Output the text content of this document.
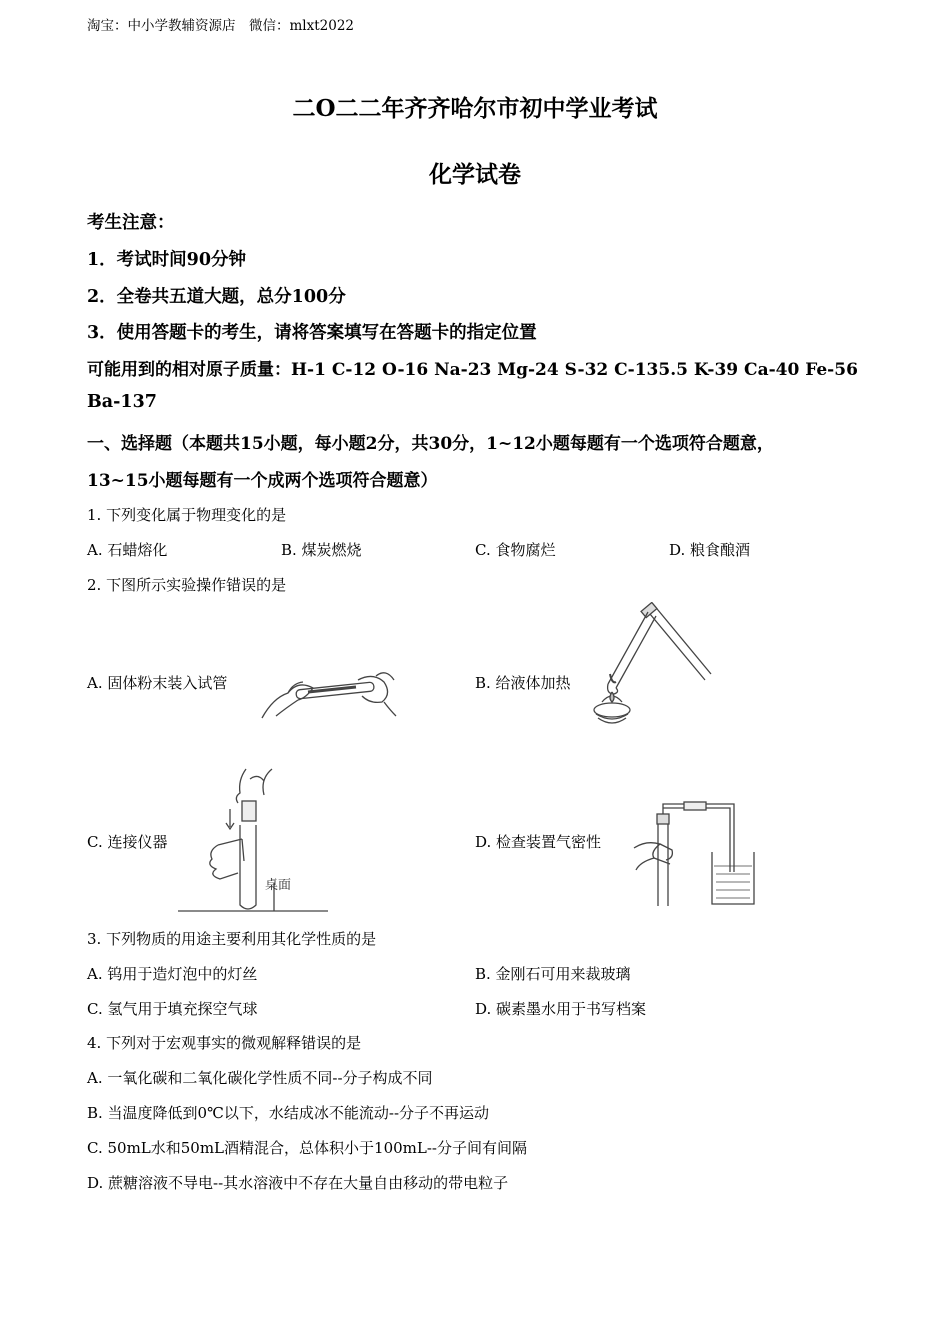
淘宝：中小学教辅资源店　微信：mlxt2022
二O二二年齐齐哈尔市初中学业考试
化学试卷
考生注意：
1．考试时间90分钟
2．全卷共五道大题，总分100分
3．使用答题卡的考生，请将答案填写在答题卡的指定位置
可能用到的相对原子质量：H-1 C-12 O-16 Na-23 Mg-24 S-32 C-135.5 K-39 Ca-40 Fe-56
Ba-137
一、选择题（本题共15小题，每小题2分，共30分，1~12小题每题有一个选项符合题意，
13~15小题每题有一个成两个选项符合题意）
1. 下列变化属于物理变化的是
A. 石蜡熔化	B. 煤炭燃烧	C. 食物腐烂	D. 粮食酿酒
2. 下图所示实验操作错误的是
A. 固体粉末装入试管	B. 给液体加热
C. 连接仪器	D. 检查装置气密性
桌面
3. 下列物质的用途主要利用其化学性质的是
A. 钨用于造灯泡中的灯丝	B. 金刚石可用来裁玻璃
C. 氢气用于填充探空气球	D. 碳素墨水用于书写档案
4. 下列对于宏观事实的微观解释错误的是
A. 一氧化碳和二氧化碳化学性质不同--分子构成不同
B. 当温度降低到0℃以下，水结成冰不能流动--分子不再运动
C. 50mL水和50mL酒精混合，总体积小于100mL--分子间有间隔
D. 蔗糖溶液不导电--其水溶液中不存在大量自由移动的带电粒子
